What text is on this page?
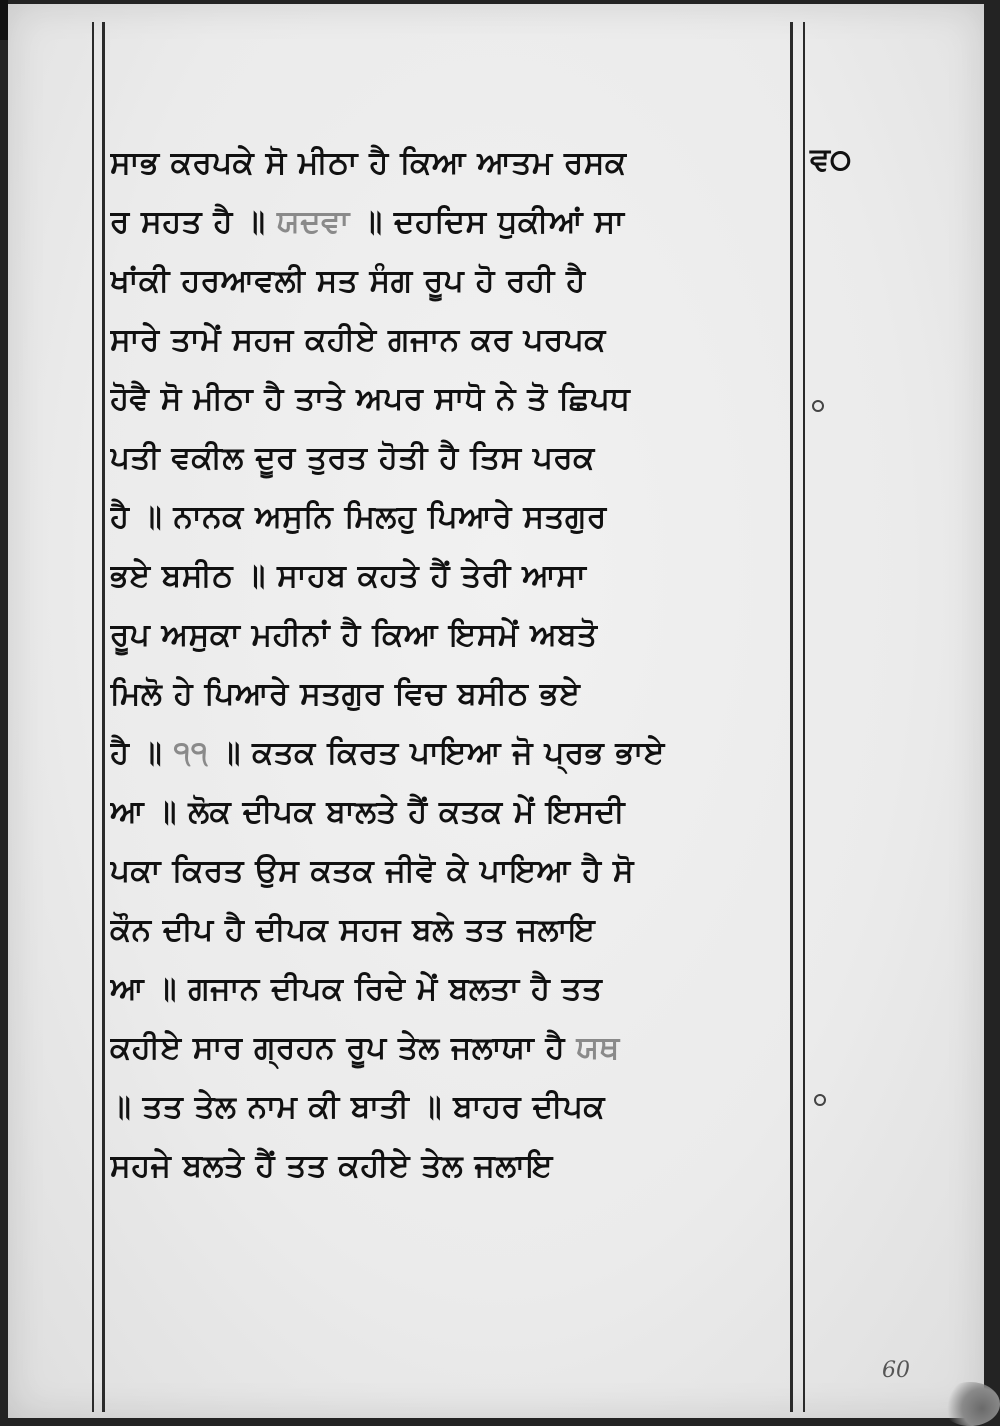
ਸਾਭ ਕਰਪਕੇ ਸੋ ਮੀਠਾ ਹੈ ਕਿਆ ਆਤਮ ਰਸਕ
ਰ ਸਹਤ ਹੈ ॥ ਯਦਵਾ ॥ ਦਹਦਿਸ ਧੁਕੀਆਂ ਸਾ
ਖਾਂਕੀ ਹਰਆਵਲੀ ਸਤ ਸੰਗ ਰੂਪ ਹੋ ਰਹੀ ਹੈ
ਸਾਰੇ ਤਾਮੇਂ ਸਹਜ ਕਹੀਏ ਗਜਾਨ ਕਰ ਪਰਪਕ
ਹੋਵੈ ਸੋ ਮੀਠਾ ਹੈ ਤਾਤੇ ਅਪਰ ਸਾਧੋ ਨੇ ਤੋ ਛਿਪਧ
ਪਤੀ ਵਕੀਲ ਦੂਰ ਤੁਰਤ ਹੋਤੀ ਹੈ ਤਿਸ ਪਰਕ
ਹੈ ॥ ਨਾਨਕ ਅਸੁਨਿ ਮਿਲਹੁ ਪਿਆਰੇ ਸਤਗੁਰ
ਭਏ ਬਸੀਠ ॥ ਸਾਹਬ ਕਹਤੇ ਹੈਂ ਤੇਰੀ ਆਸਾ
ਰੂਪ ਅਸੁਕਾ ਮਹੀਨਾਂ ਹੈ ਕਿਆ ਇਸਮੇਂ ਅਬਤੋ
ਮਿਲੋ ਹੇ ਪਿਆਰੇ ਸਤਗੁਰ ਵਿਚ ਬਸੀਠ ਭਏ
ਹੈ ॥ ੧੧ ॥ ਕਤਕ ਕਿਰਤ ਪਾਇਆ ਜੋ ਪ੍ਰਭ ਭਾਏ
ਆ ॥ ਲੋਕ ਦੀਪਕ ਬਾਲਤੇ ਹੈਂ ਕਤਕ ਮੇਂ ਇਸਦੀ
ਪਕਾ ਕਿਰਤ ਉਸ ਕਤਕ ਜੀਵੋ ਕੇ ਪਾਇਆ ਹੈ ਸੋ
ਕੌਨ ਦੀਪ ਹੈ ਦੀਪਕ ਸਹਜ ਬਲੇ ਤਤ ਜਲਾਇ
ਆ ॥ ਗਜਾਨ ਦੀਪਕ ਰਿਦੇ ਮੇਂ ਬਲਤਾ ਹੈ ਤਤ
ਕਹੀਏ ਸਾਰ ਗ੍ਰਹਨ ਰੂਪ ਤੇਲ ਜਲਾਯਾ ਹੈ ਯਥ
॥ ਤਤ ਤੇਲ ਨਾਮ ਕੀ ਬਾਤੀ ॥ ਬਾਹਰ ਦੀਪਕ
ਸਹਜੇ ਬਲਤੇ ਹੈਂ ਤਤ ਕਹੀਏ ਤੇਲ ਜਲਾਇ
ਵ੦
60
